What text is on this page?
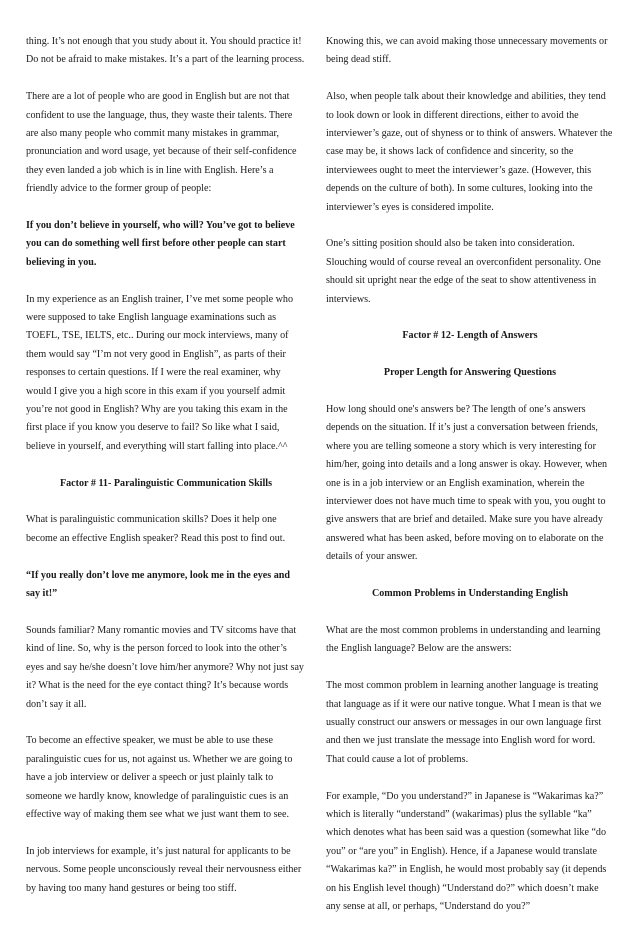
thing. It’s not enough that you study about it. You should practice it! Do not be afraid to make mistakes. It’s a part of the learning process.

There are a lot of people who are good in English but are not that confident to use the language, thus, they waste their talents. There are also many people who commit many mistakes in grammar, pronunciation and word usage, yet because of their self-confidence they even landed a job which is in line with English. Here’s a friendly advice to the former group of people:

If you don’t believe in yourself, who will? You’ve got to believe you can do something well first before other people can start believing in you.

In my experience as an English trainer, I’ve met some people who were supposed to take English language examinations such as TOEFL, TSE, IELTS, etc.. During our mock interviews, many of them would say “I’m not very good in English”, as parts of their responses to certain questions. If I were the real examiner, why would I give you a high score in this exam if you yourself admit you’re not good in English? Why are you taking this exam in the first place if you know you deserve to fail? So like what I said, believe in yourself, and everything will start falling into place.^^

Factor # 11- Paralinguistic Communication Skills

What is paralinguistic communication skills? Does it help one become an effective English speaker? Read this post to find out.

“If you really don’t love me anymore, look me in the eyes and say it!”

Sounds familiar? Many romantic movies and TV sitcoms have that kind of line. So, why is the person forced to look into the other’s eyes and say he/she doesn’t love him/her anymore? Why not just say it? What is the need for the eye contact thing? It’s because words don’t say it all.

To become an effective speaker, we must be able to use these paralinguistic cues for us, not against us. Whether we are going to have a job interview or deliver a speech or just plainly talk to someone we hardly know, knowledge of paralinguistic cues is an effective way of making them see what we just want them to see.

In job interviews for example, it’s just natural for applicants to be nervous. Some people unconsciously reveal their nervousness either by having too many hand gestures or being too stiff.

Knowing this, we can avoid making those unnecessary movements or being dead stiff.

Also, when people talk about their knowledge and abilities, they tend to look down or look in different directions, either to avoid the interviewer’s gaze, out of shyness or to think of answers. Whatever the case may be, it shows lack of confidence and sincerity, so the interviewees ought to meet the interviewer’s gaze. (However, this depends on the culture of both). In some cultures, looking into the interviewer’s eyes is considered impolite.

One’s sitting position should also be taken into consideration. Slouching would of course reveal an overconfident personality. One should sit upright near the edge of the seat to show attentiveness in interviews.

Factor # 12- Length of Answers
Proper Length for Answering Questions

How long should one's answers be? The length of one’s answers depends on the situation. If it’s just a conversation between friends, where you are telling someone a story which is very interesting for him/her, going into details and a long answer is okay. However, when one is in a job interview or an English examination, wherein the interviewer does not have much time to speak with you, you ought to give answers that are brief and detailed. Make sure you have already answered what has been asked, before moving on to elaborate on the details of your answer.

Common Problems in Understanding English

What are the most common problems in understanding and learning the English language? Below are the answers:

The most common problem in learning another language is treating that language as if it were our native tongue. What I mean is that we usually construct our answers or messages in our own language first and then we just translate the message into English word for word. That could cause a lot of problems.

For example, “Do you understand?” in Japanese is “Wakarimas ka?” which is literally “understand” (wakarimas) plus the syllable “ka” which denotes what has been said was a question (somewhat like “do you” or “are you” in English). Hence, if a Japanese would translate “Wakarimas ka?” in English, he would most probably say (it depends on his English level though) “Understand do?” which doesn’t make any sense at all, or perhaps, “Understand do you?”
